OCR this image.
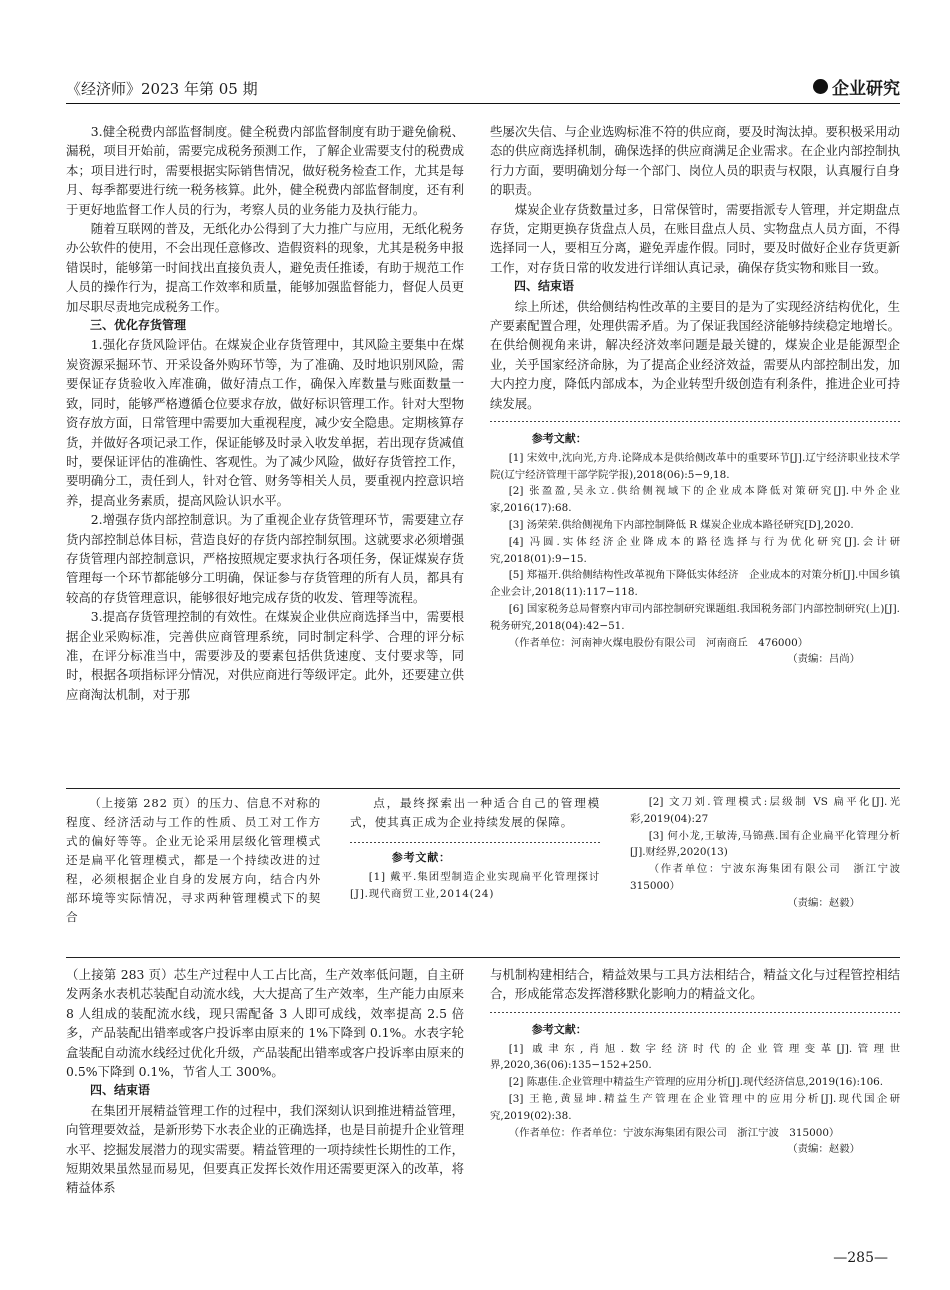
《经济师》2023 年第 05 期	企业研究

3.健全税费内部监督制度。健全税费内部监督制度有助于避免偷税、漏税，项目开始前，需要完成税务预测工作，了解企业需要支付的税费成本；项目进行时，需要根据实际销售情况，做好税务检查工作，尤其是每月、每季都要进行统一税务核算。此外，健全税费内部监督制度，还有利于更好地监督工作人员的行为，考察人员的业务能力及执行能力。

随着互联网的普及，无纸化办公得到了大力推广与应用，无纸化税务办公软件的使用，不会出现任意修改、造假资料的现象，尤其是税务申报错误时，能够第一时间找出直接负责人，避免责任推诿，有助于规范工作人员的操作行为，提高工作效率和质量，能够加强监督能力，督促人员更加尽职尽责地完成税务工作。

三、优化存货管理

1.强化存货风险评估。在煤炭企业存货管理中，其风险主要集中在煤炭资源采掘环节、开采设备外购环节等，为了准确、及时地识别风险，需要保证存货验收入库准确，做好清点工作，确保入库数量与账面数量一致，同时，能够严格遵循仓位要求存放，做好标识管理工作。针对大型物资存放方面，日常管理中需要加大重视程度，减少安全隐患。定期核算存货，并做好各项记录工作，保证能够及时录入收发单据，若出现存货减值时，要保证评估的准确性、客观性。为了减少风险，做好存货管控工作，要明确分工，责任到人，针对仓管、财务等相关人员，要重视内控意识培养，提高业务素质，提高风险认识水平。

2.增强存货内部控制意识。为了重视企业存货管理环节，需要建立存货内部控制总体目标，营造良好的存货内部控制氛围。这就要求必须增强存货管理内部控制意识，严格按照规定要求执行各项任务，保证煤炭存货管理每一个环节都能够分工明确，保证参与存货管理的所有人员，都具有较高的存货管理意识，能够很好地完成存货的收发、管理等流程。

3.提高存货管理控制的有效性。在煤炭企业供应商选择当中，需要根据企业采购标准，完善供应商管理系统，同时制定科学、合理的评分标准，在评分标准当中，需要涉及的要素包括供货速度、支付要求等，同时，根据各项指标评分情况，对供应商进行等级评定。此外，还要建立供应商淘汰机制，对于那

些屡次失信、与企业选购标准不符的供应商，要及时淘汰掉。要积极采用动态的供应商选择机制，确保选择的供应商满足企业需求。在企业内部控制执行力方面，要明确划分每一个部门、岗位人员的职责与权限，认真履行自身的职责。

煤炭企业存货数量过多，日常保管时，需要指派专人管理，并定期盘点存货，定期更换存货盘点人员，在账目盘点人员、实物盘点人员方面，不得选择同一人，要相互分离，避免弄虚作假。同时，要及时做好企业存货更新工作，对存货日常的收发进行详细认真记录，确保存货实物和账目一致。

四、结束语

综上所述，供给侧结构性改革的主要目的是为了实现经济结构优化，生产要素配置合理，处理供需矛盾。为了保证我国经济能够持续稳定地增长。在供给侧视角来讲，解决经济效率问题是最关键的，煤炭企业是能源型企业，关乎国家经济命脉，为了提高企业经济效益，需要从内部控制出发，加大内控力度，降低内部成本，为企业转型升级创造有利条件，推进企业可持续发展。

参考文献：

[1] 宋效中,沈向光,方舟.论降成本是供给侧改革中的重要环节[J].辽宁经济职业技术学院(辽宁经济管理干部学院学报),2018(06):5−9,18.

[2] 张盈盈,吴永立.供给侧视域下的企业成本降低对策研究[J].中外企业家,2016(17):68.

[3] 汤荣荣.供给侧视角下内部控制降低 R 煤炭企业成本路径研究[D],2020.

[4] 冯圆.实体经济企业降成本的路径选择与行为优化研究[J].会计研究,2018(01):9−15.

[5] 郑福开.供给侧结构性改革视角下降低实体经济　企业成本的对策分析[J].中国乡镇企业会计,2018(11):117−118.

[6] 国家税务总局督察内审司内部控制研究课题组.我国税务部门内部控制研究(上)[J].税务研究,2018(04):42−51.

（作者单位：河南神火煤电股份有限公司　河南商丘　476000）

（责编：吕尚）

（上接第 282 页）的压力、信息不对称的程度、经济活动与工作的性质、员工对工作方式的偏好等等。企业无论采用层级化管理模式还是扁平化管理模式，都是一个持续改进的过程，必须根据企业自身的发展方向，结合内外部环境等实际情况，寻求两种管理模式下的契合

点，最终探索出一种适合自己的管理模式，使其真正成为企业持续发展的保障。

参考文献：

[1] 戴平.集团型制造企业实现扁平化管理探讨[J].现代商贸工业,2014(24)

[2] 文刀刘.管理模式:层级制 VS 扁平化[J].光彩,2019(04):27

[3] 何小龙,王敏涛,马锦燕.国有企业扁平化管理分析[J].财经界,2020(13)

（作者单位：宁波东海集团有限公司　浙江宁波　315000）

（责编：赵毅）

（上接第 283 页）芯生产过程中人工占比高，生产效率低问题，自主研发两条水表机芯装配自动流水线，大大提高了生产效率，生产能力由原来 8 人组成的装配流水线，现只需配备 3 人即可成线，效率提高 2.5 倍多，产品装配出错率或客户投诉率由原来的 1%下降到 0.1%。水表字轮盒装配自动流水线经过优化升级，产品装配出错率或客户投诉率由原来的 0.5%下降到 0.1%，节省人工 300%。

四、结束语

在集团开展精益管理工作的过程中，我们深刻认识到推进精益管理，向管理要效益，是新形势下水表企业的正确选择，也是目前提升企业管理水平、挖掘发展潜力的现实需要。精益管理的一项持续性长期性的工作，短期效果虽然显而易见，但要真正发挥长效作用还需要更深入的改革，将精益体系

与机制构建相结合，精益效果与工具方法相结合，精益文化与过程管控相结合，形成能常态发挥潜移默化影响力的精益文化。

参考文献：

[1] 戚聿东,肖旭.数字经济时代的企业管理变革[J].管理世界,2020,36(06):135−152+250.

[2] 陈惠佳.企业管理中精益生产管理的应用分析[J].现代经济信息,2019(16):106.

[3] 王艳,黄显坤.精益生产管理在企业管理中的应用分析[J].现代国企研究,2019(02):38.

（作者单位：作者单位：宁波东海集团有限公司　浙江宁波　315000）

（责编：赵毅）

—285—
